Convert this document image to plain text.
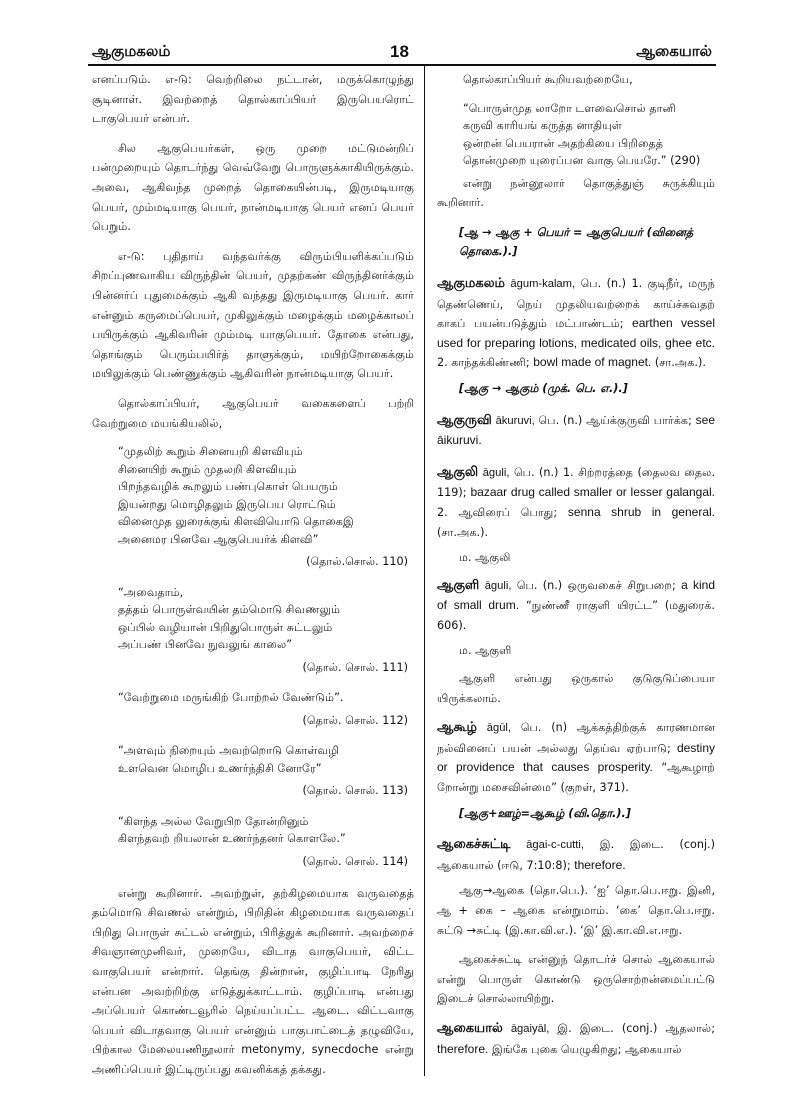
ஆகுமகலம்	18	ஆகையால்

எனப்படும். எ-டு: வெற்றிலை நட்டான், மருக்கொழுந்து சூடினாள். இவற்றைத் தொல்காப்பியர் இருபெயரொட் டாகுபெயர் என்பர்.

சில ஆகுபெயர்கள், ஒரு முறை மட்டுமன்றிப் பன்முறையும் தொடர்ந்து வெவ்வேறு பொருளுக்காகியிருக்கும். அவை, ஆகிவந்த முறைத் தொகையின்படி, இருமடியாகு பெயர், மும்மடியாகு பெயர், நான்மடியாகு பெயர் எனப் பெயர் பெறும்.

எ-டு: புதிதாய் வந்தவர்க்கு விரும்பியளிக்கப்படும் சிறப்புணவாகிய விருந்தின் பெயர், முதற்கண் விருந்தினர்க்கும் பின்னர்ப் புதுமைக்கும் ஆகி வந்தது இருமடியாகு பெயர். கார் என்னும் கருமைப்பெயர், முகிலுக்கும் மழைக்கும் மழைக்காலப் பயிருக்கும் ஆகிவரின் மும்மடி யாகுபெயர். தோகை என்பது, தொங்கும் பெரும்பயிர்த் தாளுக்கும், மயிற்றோகைக்கும் மயிலுக்கும் பெண்ணுக்கும் ஆகிவரின் நான்மடியாகு பெயர்.

தொல்காப்பியர், ஆகுபெயர் வகைகளைப் பற்றி வேற்றுமை மயங்கியலில்,

“முதலிற் கூறும் சினையறி கிளவியும்
சினையிற் கூறும் முதலறி கிளவியும்
பிறந்தவழிக் கூறலும் பண்புகொள் பெயரும்
இயன்றது மொழிதலும் இருபெய ரொட்டும்
வினைமுத லுரைக்குங் கிளவியொடு தொகைஇ
அனைமர பினவே ஆகுபெயர்க் கிளவி”
(தொல்.சொல். 110)
“அவைதாம்,
தத்தம் பொருள்வயின் தம்மொடு சிவணலும்
ஒப்பில் வழியான் பிறிதுபொருள் சுட்டலும்
அப்பண் பினவே நுவலுங் காலை”
(தொல். சொல். 111)
“வேற்றுமை மருங்கிற் போற்றல் வேண்டும்”.
(தொல். சொல். 112)
“அளவும் நிறையும் அவற்றொடு கொள்வழி
உளவென மொழிப உணர்ந்திசி னோரே”
(தொல். சொல். 113)
“கிளந்த அல்ல வேறுபிற தோன்றினும்
கிளந்தவற் றியலான் உணர்ந்தனர் கொளலே.”
(தொல். சொல். 114)

என்று கூறினார். அவற்றுள், தற்கிழமையாக வருவதைத் தம்மொடு சிவணல் என்றும், பிறிதின் கிழமையாக வருவதைப் பிறிது பொருள் சுட்டல் என்றும், பிரித்துக் கூறினார். அவற்றைச் சிவஞானமுனிவர், முறையே, விடாத வாகுபெயர், விட்ட வாகுபெயர் என்றார். தெங்கு தின்றான், குழிப்பாடி நேரிது என்பன அவற்றிற்கு எடுத்துக்காட்டாம். குழிப்பாடி என்பது அப்பெயர் கொண்டவூரில் நெய்யப்பட்ட ஆடை. விட்டவாகு பெயர் விடாதவாகு பெயர் என்னும் பாகுபாட்டைத் தழுவியே, பிற்கால மேலையணிநூலார் metonymy, synecdoche என்று அணிப்பெயர் இட்டிருப்பது கவனிக்கத் தக்கது.

தொல்காப்பியர் கூறியவற்றையே,

“பொருள்முத லாறோ டளவைசொல் தானி
கருவி காரியங் கருத்த னாதியுள்
ஒன்றன் பெயரான் அதற்கியை பிறிதைத்
தொன்முறை யுரைப்பன வாகு பெயரே.” (290)

என்று நன்னூலார் தொகுத்துஞ் சுருக்கியும் கூறினார்.

[ஆ → ஆகு + பெயர் = ஆகுபெயர் (வினைத் தொகை.).]
ஆகுமகலம் āgum-kalam, பெ. (n.) 1. குடிநீர், மருந் தெண்ணெய், நெய் முதலியவற்றைக் காய்ச்சுவதற் காகப் பயன்படுத்தும் மட்பாண்டம்; earthen vessel used for preparing lotions, medicated oils, ghee etc. 2. காந்தக்கிண்ணி; bowl made of magnet. (சா.அக.).
[ஆகு → ஆகும் (முக். பெ. எ.).]
ஆகுருவி ākuruvi, பெ. (n.) ஆய்க்குருவி பார்க்க; see āikuruvi.
ஆகுலி āguli, பெ. (n.) 1. சிற்றரத்தை (தைலவ தைல. 119); bazaar drug called smaller or lesser galangal. 2. ஆவிரைப் பொது; senna shrub in general. (சா.அக.).
ம. ஆகுலி
ஆகுளி āguli, பெ. (n.) ஒருவகைச் சிறுபறை; a kind of small drum. “நுண்ணீ ராகுளி யிரட்ட” (மதுரைக். 606).
ம. ஆகுளி
ஆகுளி என்பது ஒருகால் குடுகுடுப்பையா யிருக்கலாம்.
ஆகூழ் āgūl, பெ. (n) ஆக்கத்திற்குக் காரணமான நல்வினைப் பயன் அல்லது தெய்வ ஏற்பாடு; destiny or providence that causes prosperity. “ஆகூழாற் றோன்று மசைவின்மை” (குறள், 371).
[ஆகு+ஊழ்=ஆகூழ் (வி.தொ.).]
ஆகைச்சுட்டி āgai-c-cutti, இ. இடை. (conj.) ஆகையால் (ஈடு, 7:10:8); therefore.
ஆகு→ஆகை (தொ.பெ.). ‘ஐ’ தொ.பெ.ஈறு. இனி, ஆ + கை – ஆகை என்றுமாம். ‘கை’ தொ.பெ.ஈறு. சுட்டு →சுட்டி (இ.கா.வி.எ.). ‘இ’ இ.கா.வி.எ.ஈறு.
ஆகைச்சுட்டி என்னுந் தொடர்ச் சொல் ஆகையால் என்று பொருள் கொண்டு ஒருசொற்றன்மைப்பட்டு இடைச் சொல்லாயிற்று.
ஆகையால் āgaiyāl, இ. இடை. (conj.) ஆதலால்; therefore. இங்கே புகை யெழுகிறது; ஆகையால்
